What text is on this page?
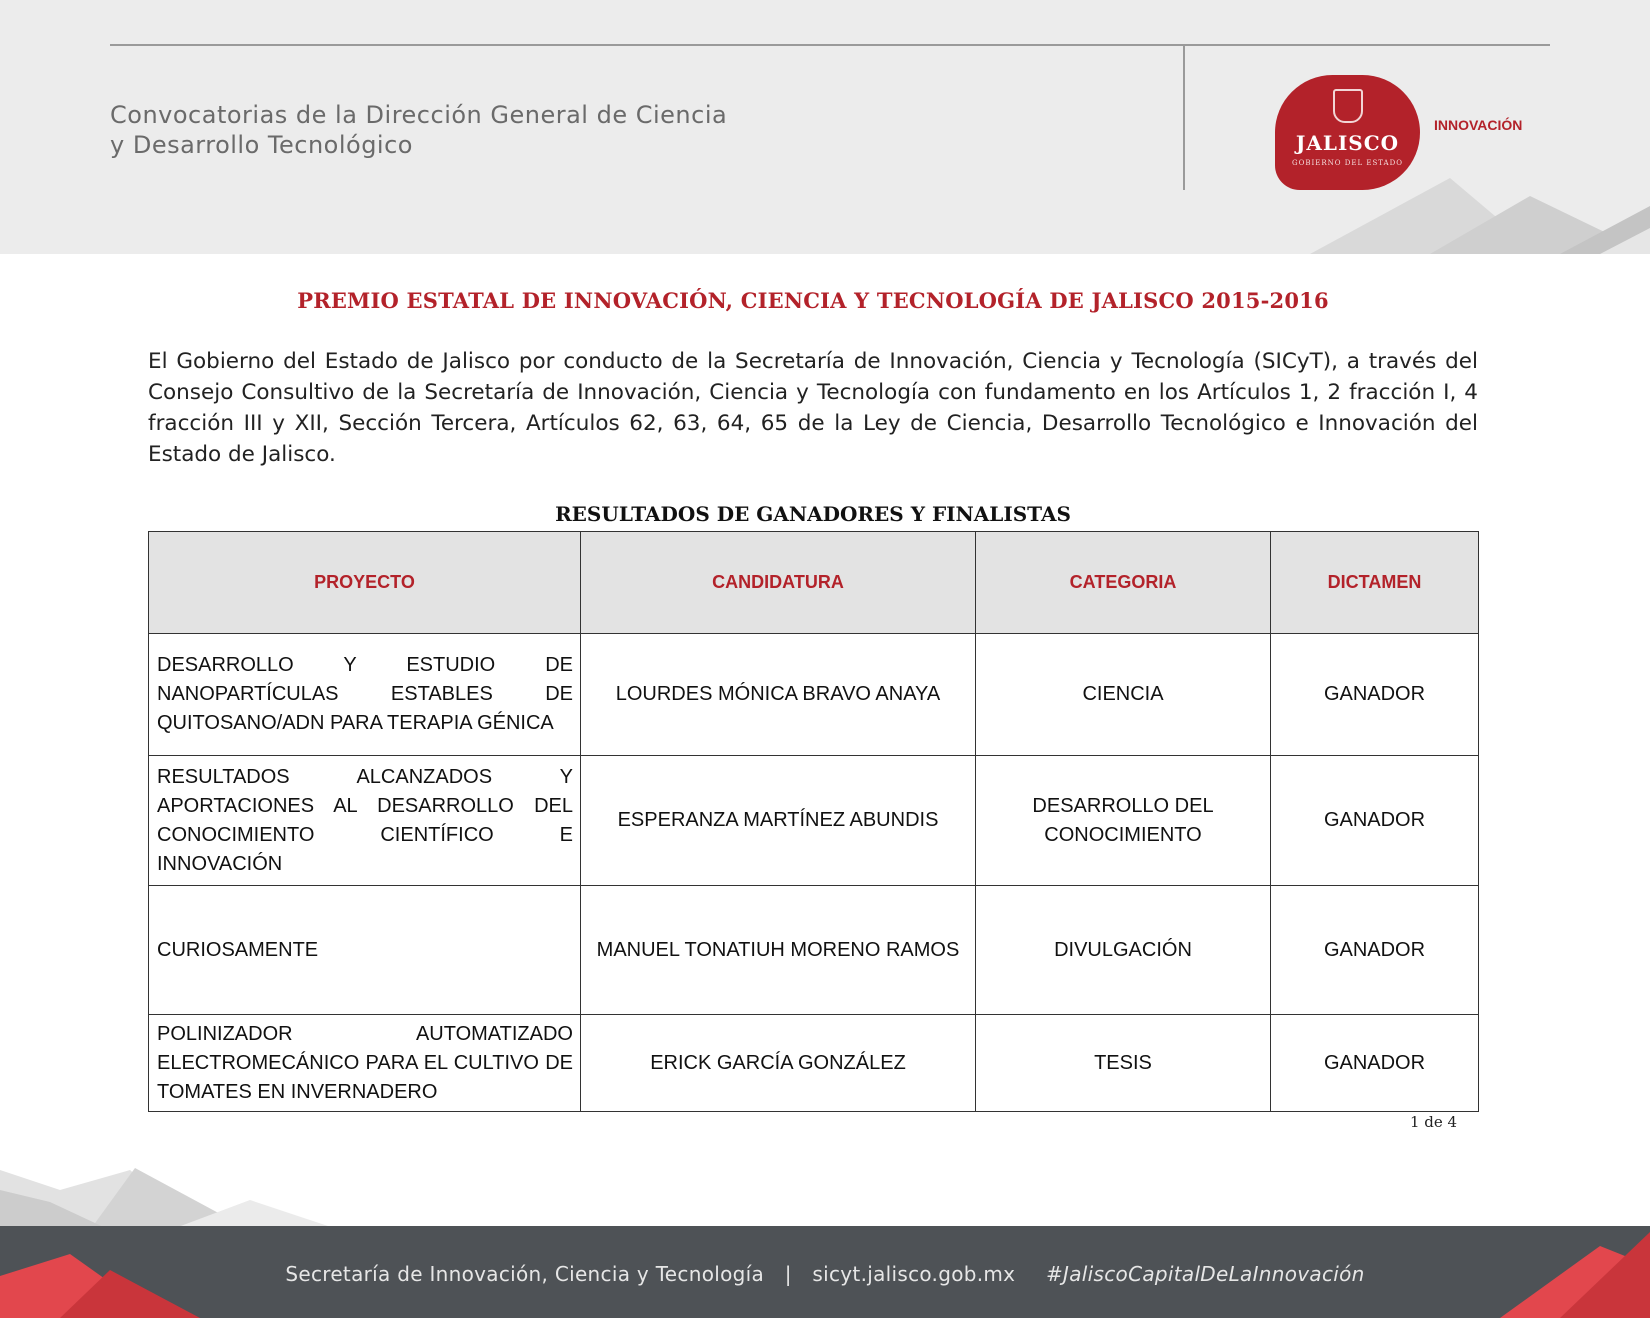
Convocatorias de la Dirección General de Ciencia
y Desarrollo Tecnológico	JALISCO
GOBIERNO DEL ESTADO
INNOVACIÓN
PREMIO ESTATAL DE INNOVACIÓN, CIENCIA Y TECNOLOGÍA DE JALISCO 2015-2016

El Gobierno del Estado de Jalisco por conducto de la Secretaría de Innovación, Ciencia y Tecnología (SICyT), a través del Consejo Consultivo de la Secretaría de Innovación, Ciencia y Tecnología con fundamento en los Artículos 1, 2 fracción I, 4 fracción III y XII, Sección Tercera, Artículos 62, 63, 64, 65 de la Ley de Ciencia, Desarrollo Tecnológico e Innovación del Estado de Jalisco.

RESULTADOS DE GANADORES Y FINALISTAS
PROYECTO	CANDIDATURA	CATEGORIA	DICTAMEN
DESARROLLO Y ESTUDIO DE NANOPARTÍCULAS ESTABLES DE QUITOSANO/ADN PARA TERAPIA GÉNICA	LOURDES MÓNICA BRAVO ANAYA	CIENCIA	GANADOR
RESULTADOS ALCANZADOS Y APORTACIONES AL DESARROLLO DEL CONOCIMIENTO CIENTÍFICO E INNOVACIÓN	ESPERANZA MARTÍNEZ ABUNDIS	DESARROLLO DEL CONOCIMIENTO	GANADOR
CURIOSAMENTE	MANUEL TONATIUH MORENO RAMOS	DIVULGACIÓN	GANADOR
POLINIZADOR AUTOMATIZADO ELECTROMECÁNICO PARA EL CULTIVO DE TOMATES EN INVERNADERO	ERICK GARCÍA GONZÁLEZ	TESIS	GANADOR
1 de 4
Secretaría de Innovación, Ciencia y Tecnología | sicyt.jalisco.gob.mx #JaliscoCapitalDeLaInnovación
